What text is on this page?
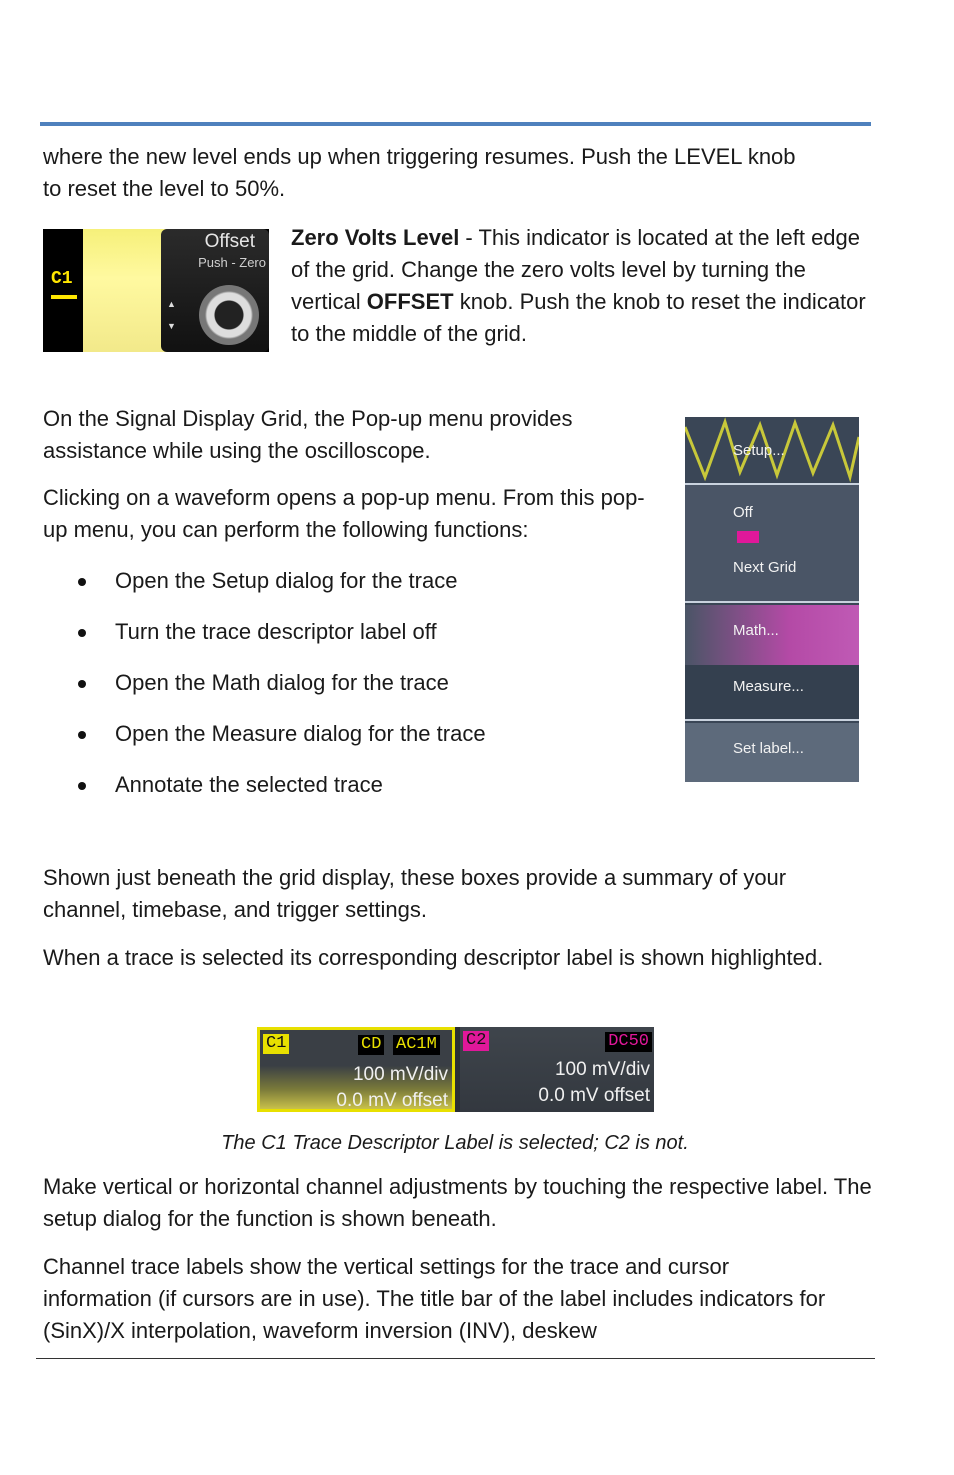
where the new level ends up when triggering resumes. Push the LEVEL knob

to reset the level to 50%.

C1
Offset
Push - Zero
▲
▼

Zero Volts Level - This indicator is located at the left edge of the grid. Change the zero volts level by turning the vertical OFFSET knob. Push the knob to reset the indicator to the middle of the grid.

On the Signal Display Grid, the Pop-up menu provides assistance while using the oscilloscope.

Clicking on a waveform opens a pop-up menu. From this pop-up menu, you can perform the following functions:

Open the Setup dialog for the trace
Turn the trace descriptor label off
Open the Math dialog for the trace
Open the Measure dialog for the trace
Annotate the selected trace
Setup...
Off
Next Grid
Math...
Measure...
Set label...

Shown just beneath the grid display, these boxes provide a summary of your channel, timebase, and trigger settings.

When a trace is selected its corresponding descriptor label is shown highlighted.

C1	CD AC1M
100 mV/div
0.0 mV offset
C2	DC50
100 mV/div
0.0 mV offset
The C1 Trace Descriptor Label is selected; C2 is not.

Make vertical or horizontal channel adjustments by touching the respective label. The setup dialog for the function is shown beneath.

Channel trace labels show the vertical settings for the trace and cursor information (if cursors are in use). The title bar of the label includes indicators for (SinX)/X interpolation, waveform inversion (INV), deskew
